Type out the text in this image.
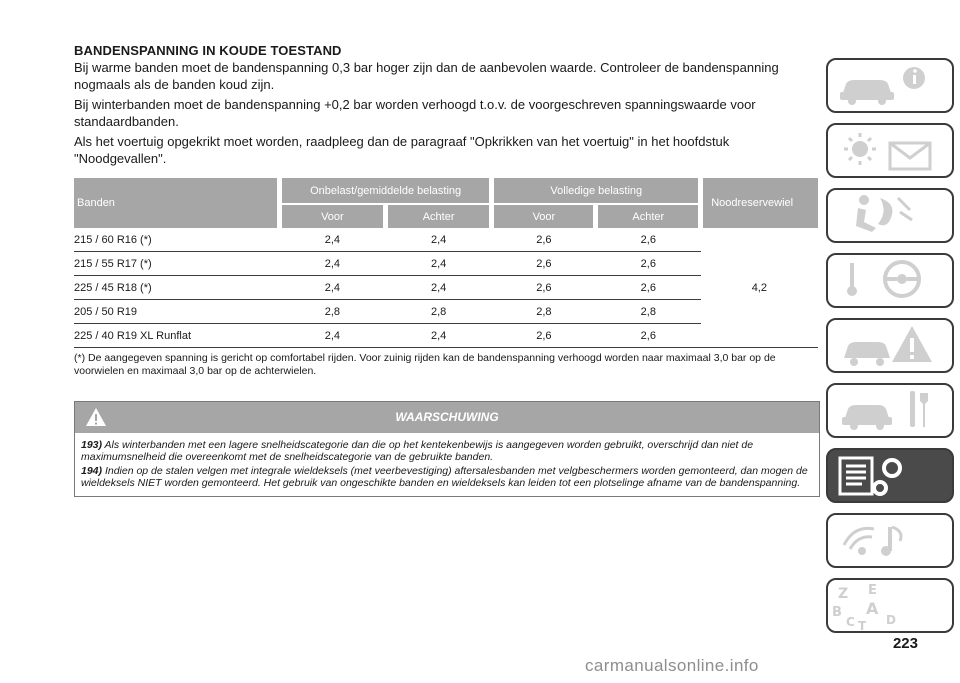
BANDENSPANNING IN KOUDE TOESTAND

Bij warme banden moet de bandenspanning 0,3 bar hoger zijn dan de aanbevolen waarde. Controleer de bandenspanning nogmaals als de banden koud zijn.

Bij winterbanden moet de bandenspanning +0,2 bar worden verhoogd t.o.v. de voorgeschreven spanningswaarde voor standaardbanden.

Als het voertuig opgekrikt moet worden, raadpleeg dan de paragraaf "Opkrikken van het voertuig" in het hoofdstuk "Noodgevallen".

Banden	Onbelast/gemiddelde belasting		Volledige belasting		Noodreservewiel
	Voor	Achter	Voor	Achter	
215 / 60 R16 (*)	2,4	2,4	2,6	2,6	4,2
215 / 55 R17 (*)	2,4	2,4	2,6	2,6	
225 / 45 R18 (*)	2,4	2,4	2,6	2,6	
205 / 50 R19	2,8	2,8	2,8	2,8	
225 / 40 R19 XL Runflat	2,4	2,4	2,6	2,6	

(*) De aangegeven spanning is gericht op comfortabel rijden. Voor zuinig rijden kan de bandenspanning verhoogd worden naar maximaal 3,0 bar op de voorwielen en maximaal 3,0 bar op de achterwielen.

WAARSCHUWING

193) Als winterbanden met een lagere snelheidscategorie dan die op het kentekenbewijs is aangegeven worden gebruikt, overschrijd dan niet de maximumsnelheid die overeenkomt met de snelheidscategorie van de gebruikte banden.

194) Indien op de stalen velgen met integrale wieldeksels (met veerbevestiging) aftersalesbanden met velgbeschermers worden gemonteerd, dan mogen de wieldeksels NIET worden gemonteerd. Het gebruik van ongeschikte banden en wieldeksels kan leiden tot een plotselinge afname van de bandenspanning.

Z E
B A
C	D
T
223
carmanualsonline.info
